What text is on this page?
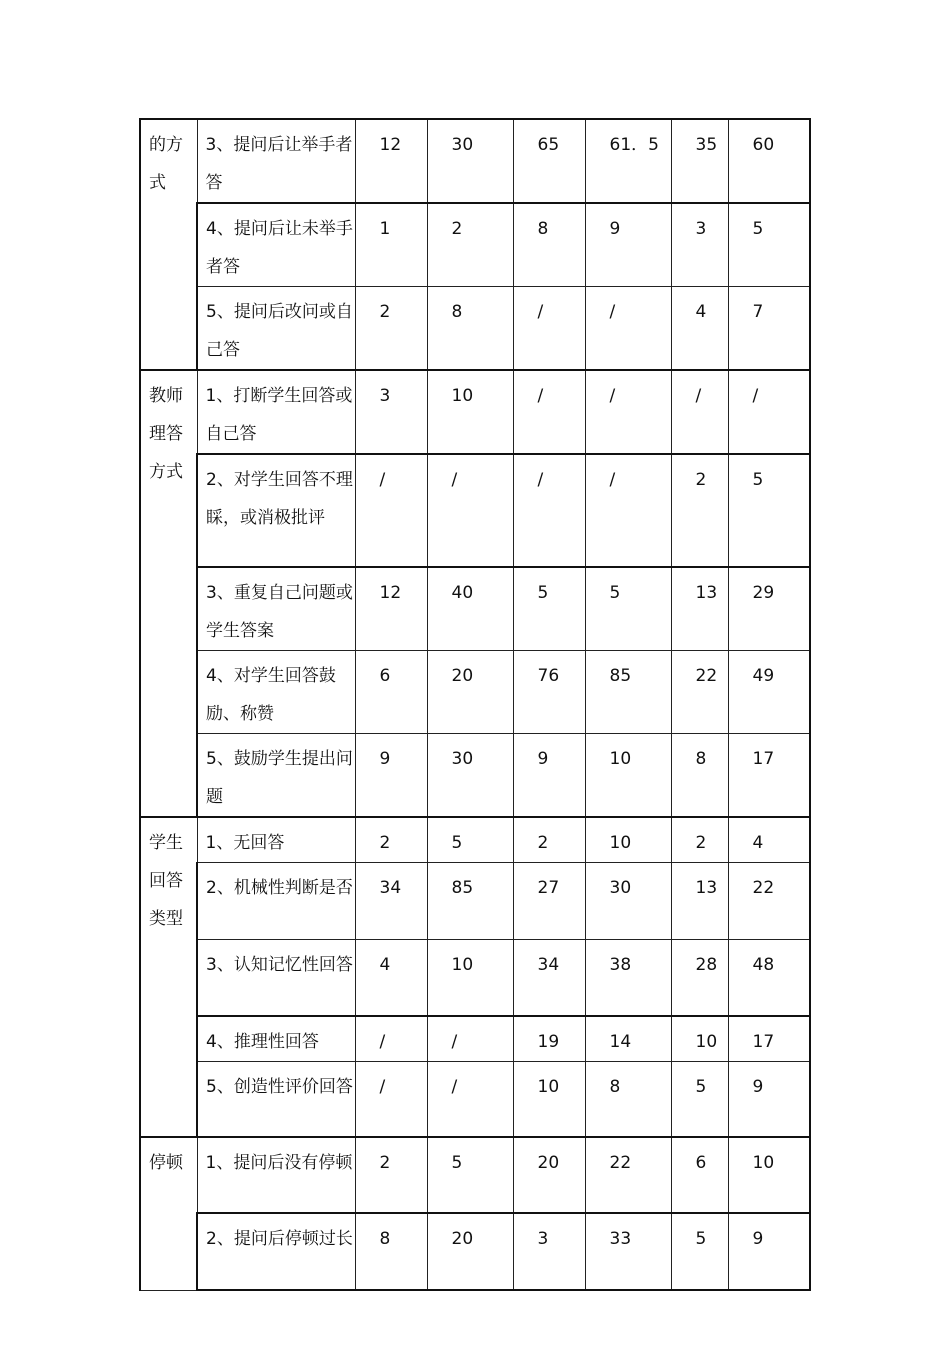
的方式	3、提问后让举手者答	12	30	65	61．5	35	60
	4、提问后让未举手者答	1	2	8	9	3	5
	5、提问后改问或自己答	2	8	/	/	4	7
教师理答方式	1、打断学生回答或自己答	3	10	/	/	/	/
	2、对学生回答不理睬，或消极批评	/	/	/	/	2	5
	3、重复自己问题或学生答案	12	40	5	5	13	29
	4、对学生回答鼓励、称赞	6	20	76	85	22	49
	5、鼓励学生提出问题	9	30	9	10	8	17
学生回答类型	1、无回答	2	5	2	10	2	4
	2、机械性判断是否	34	85	27	30	13	22
	3、认知记忆性回答	4	10	34	38	28	48
	4、推理性回答	/	/	19	14	10	17
	5、创造性评价回答	/	/	10	8	5	9
停顿	1、提问后没有停顿	2	5	20	22	6	10
	2、提问后停顿过长	8	20	3	33	5	9
